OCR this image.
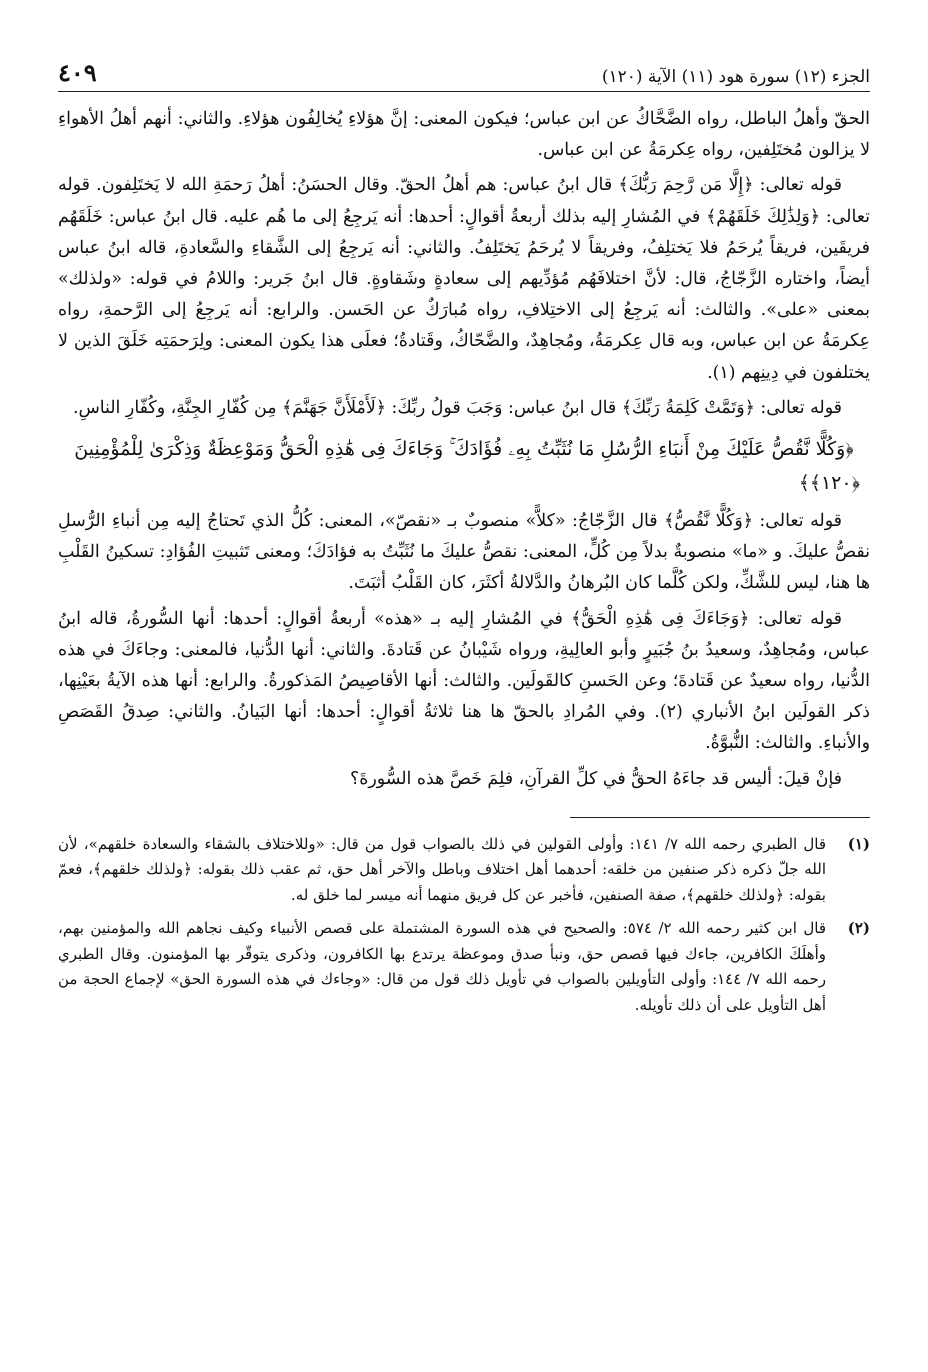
الجزء (١٢) سورة هود (١١) الآية (١٢٠)
٤٠٩

الحقّ وأهلُ الباطل، رواه الضَّحَّاكُ عن ابن عباس؛ فيكون المعنى: إنَّ هؤلاءِ يُخالِفُون هؤلاءِ. والثاني: أنهم أهلُ الأهواءِ لا يزالون مُختَلِفين، رواه عِكرمَةُ عن ابن عباس.

قوله تعالى: ﴿إِلَّا مَن رَّحِمَ رَبُّكَ﴾ قال ابنُ عباس: هم أهلُ الحقّ. وقال الحسَنُ: أهلُ رَحمَةِ الله لا يَختَلِفون. قوله تعالى: ﴿وَلِذَٰلِكَ خَلَقَهُمْ﴾ في المُشارِ إليه بذلك أربعةُ أقوالٍ: أحدها: أنه يَرجِعُ إلى ما هُم عليه. قال ابنُ عباس: خَلَقَهُم فريقَين، فريقاً يُرحَمُ فلا يَختلِفُ، وفريقاً لا يُرحَمُ يَختَلِفُ. والثاني: أنه يَرجِعُ إلى الشَّقاءِ والسَّعادةِ، قاله ابنُ عباس أيضاً، واختاره الزَّجّاجُ، قال: لأنَّ اختلافَهُم مُؤدِّيهم إلى سعادةٍ وشَقاوةٍ. قال ابنُ جَرير: واللامُ في قوله: «ولذلك» بمعنى «على». والثالث: أنه يَرجِعُ إلى الاختِلافِ، رواه مُبارَكٌ عن الحَسن. والرابع: أنه يَرجِعُ إلى الرَّحمةِ، رواه عِكرمَةُ عن ابن عباس، وبه قال عِكرمَةُ، ومُجاهِدٌ، والضَّحّاكُ، وقَتادةُ؛ فعلَى هذا يكون المعنى: ولِرَحمَتِه خَلَقَ الذين لا يختلفون في دِينِهم (١).

قوله تعالى: ﴿وَتَمَّتْ كَلِمَةُ رَبِّكَ﴾ قال ابنُ عباس: وَجَبَ قولُ ربِّكَ: ﴿لَأَمْلَأَنَّ جَهَنَّمَ﴾ مِن كُفّارِ الجِنَّةِ، وكُفّارِ الناسِ.

﴿وَكُلًّا نَّقُصُّ عَلَيْكَ مِنْ أَنبَاءِ الرُّسُلِ مَا نُثَبِّتُ بِهِۦ فُؤَادَكَ ۚ وَجَاءَكَ فِى هَٰذِهِ الْحَقُّ وَمَوْعِظَةٌ وَذِكْرَىٰ لِلْمُؤْمِنِينَ ﴿١٢٠﴾﴾

قوله تعالى: ﴿وَكُلًّا نَّقُصُّ﴾ قال الزَّجّاجُ: «كلاًّ» منصوبٌ بـ «نقصّ»، المعنى: كُلُّ الذي تَحتاجُ إليه مِن أنباءِ الرُّسلِ نقصُّ عليكَ. و «ما» منصوبةٌ بدلاً مِن كُلٍّ، المعنى: نقصُّ عليكَ ما نُثَبِّتُ به فؤادَكَ؛ ومعنى تَثبيتِ الفُؤادِ: تسكينُ القَلْبِ ها هنا، ليس للشَّكِّ، ولكن كُلَّما كان البُرهانُ والدَّلالةُ أكثَرَ، كان القَلْبُ أثبَتَ.

قوله تعالى: ﴿وَجَاءَكَ فِى هَٰذِهِ الْحَقُّ﴾ في المُشارِ إليه بـ «هذه» أربعةُ أقوالٍ: أحدها: أنها السُّورةُ، قاله ابنُ عباس، ومُجاهِدٌ، وسعيدُ بنُ جُبَيرٍ وأبو العالِيةِ، ورواه شَيْبانُ عن قَتادةَ. والثاني: أنها الدُّنيا، فالمعنى: وجاءَكَ في هذه الدُّنيا، رواه سعيدٌ عن قَتادةَ؛ وعن الحَسنِ كالقَولَين. والثالث: أنها الأقاصِيصُ المَذكورةُ. والرابع: أنها هذه الآيةُ بعَيْنِها، ذكر القولَين ابنُ الأنباري (٢). وفي المُرادِ بالحقّ ها هنا ثلاثةُ أقوالٍ: أحدها: أنها البَيانُ. والثاني: صِدقُ القَصَصِ والأنباءِ. والثالث: النُّبوَّةُ.

فإنْ قيلَ: أليس قد جاءَهُ الحقُّ في كلِّ القرآنِ، فلِمَ خَصَّ هذه السُّورةَ؟

(١)
قال الطبري رحمه الله ٧/ ١٤١: وأولى القولين في ذلك بالصواب قول من قال: «وللاختلاف بالشقاء والسعادة خلقهم»، لأن الله جلّ ذكره ذكر صنفين من خلقه: أحدهما أهل اختلاف وباطل والآخر أهل حق، ثم عقب ذلك بقوله: ﴿ولذلك خلقهم﴾، فعمّ بقوله: ﴿ولذلك خلقهم﴾، صفة الصنفين، فأخبر عن كل فريق منهما أنه ميسر لما خلق له.
(٢)
قال ابن كثير رحمه الله ٢/ ٥٧٤: والصحيح في هذه السورة المشتملة على قصص الأنبياء وكيف نجاهم الله والمؤمنين بهم، وأهلَكَ الكافرين، جاءك فيها قصص حق، ونبأ صدق وموعظة يرتدع بها الكافرون، وذكرى يتوقّر بها المؤمنون. وقال الطبري رحمه الله ٧/ ١٤٤: وأولى التأويلين بالصواب في تأويل ذلك قول من قال: «وجاءك في هذه السورة الحق» لإجماع الحجة من أهل التأويل على أن ذلك تأويله.
